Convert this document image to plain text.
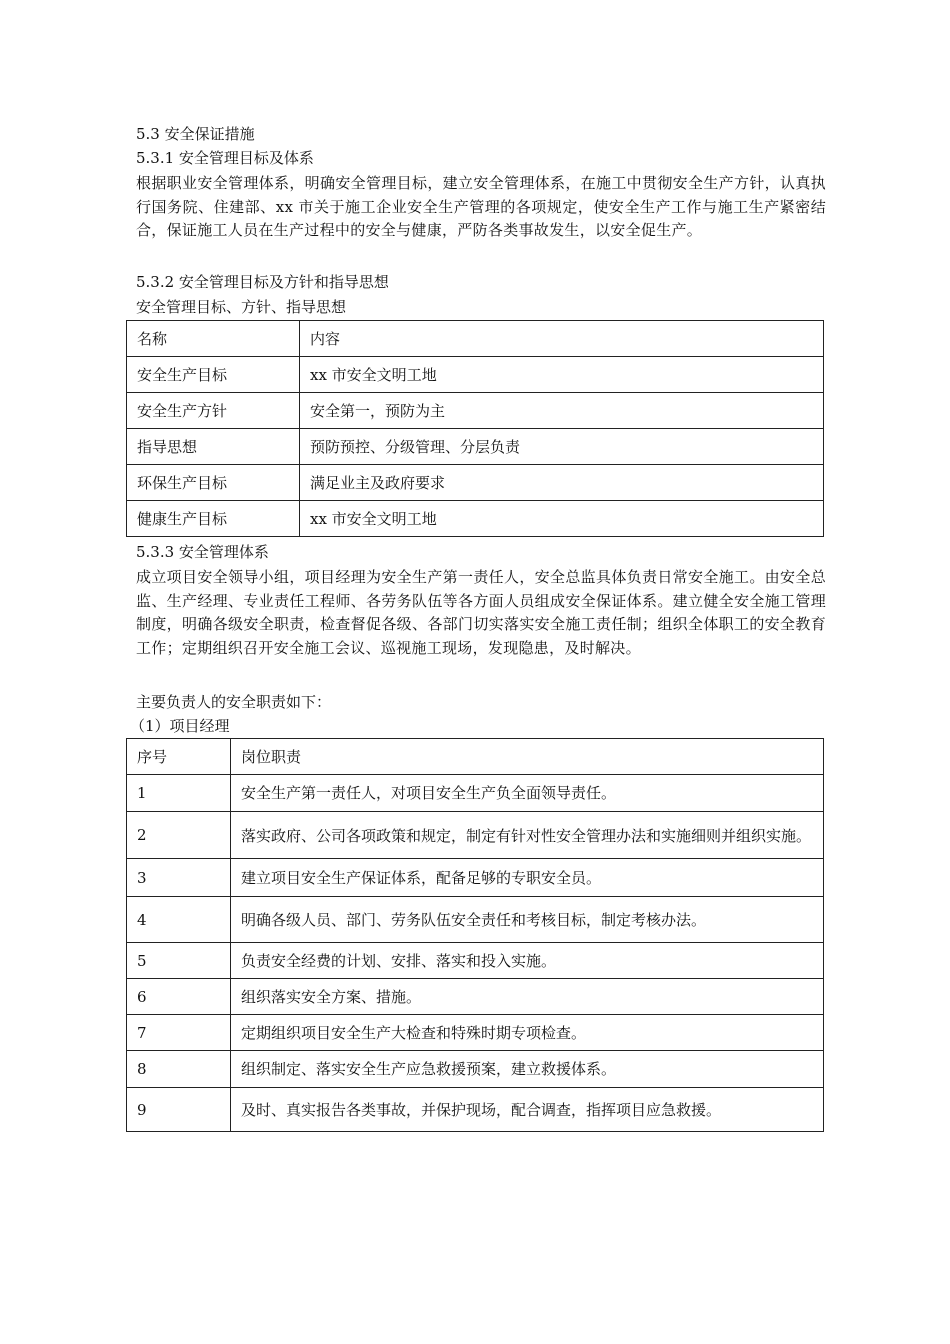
5.3 安全保证措施
5.3.1 安全管理目标及体系
根据职业安全管理体系，明确安全管理目标，建立安全管理体系，在施工中贯彻安全生产方针，认真执行国务院、住建部、xx 市关于施工企业安全生产管理的各项规定，使安全生产工作与施工生产紧密结合，保证施工人员在生产过程中的安全与健康，严防各类事故发生，以安全促生产。
5.3.2 安全管理目标及方针和指导思想
安全管理目标、方针、指导思想
名称	内容
安全生产目标	xx 市安全文明工地
安全生产方针	安全第一，预防为主
指导思想	预防预控、分级管理、分层负责
环保生产目标	满足业主及政府要求
健康生产目标	xx 市安全文明工地
5.3.3 安全管理体系
成立项目安全领导小组，项目经理为安全生产第一责任人，安全总监具体负责日常安全施工。由安全总监、生产经理、专业责任工程师、各劳务队伍等各方面人员组成安全保证体系。建立健全安全施工管理制度，明确各级安全职责，检查督促各级、各部门切实落实安全施工责任制；组织全体职工的安全教育工作；定期组织召开安全施工会议、巡视施工现场，发现隐患，及时解决。
主要负责人的安全职责如下：
（1）项目经理
序号	岗位职责
1	安全生产第一责任人，对项目安全生产负全面领导责任。
2	落实政府、公司各项政策和规定，制定有针对性安全管理办法和实施细则并组织实施。
3	建立项目安全生产保证体系，配备足够的专职安全员。
4	明确各级人员、部门、劳务队伍安全责任和考核目标，制定考核办法。
5	负责安全经费的计划、安排、落实和投入实施。
6	组织落实安全方案、措施。
7	定期组织项目安全生产大检查和特殊时期专项检查。
8	组织制定、落实安全生产应急救援预案，建立救援体系。
9	及时、真实报告各类事故，并保护现场，配合调查，指挥项目应急救援。
